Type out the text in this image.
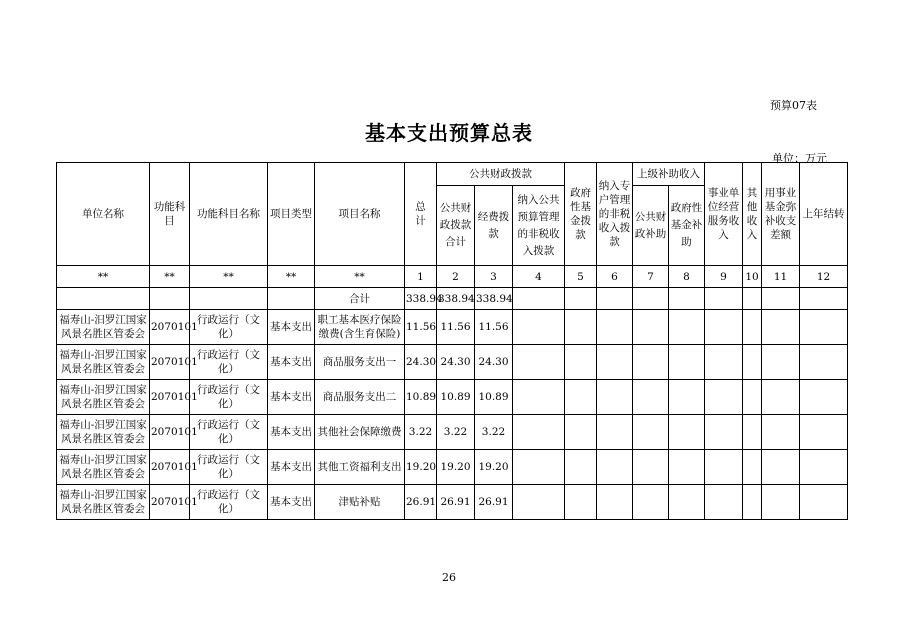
预算07表
基本支出预算总表
单位：万元
单位名称	功能科目	功能科目名称	项目类型	项目名称	总　计	公共财政拨款			政府性基金拨款	纳入专户管理的非税收入拨款	上级补助收入		事业单位经营服务收入	其他收入	用事业基金弥补收支差额	上年结转
						公共财政拨款合计	经费拨款	纳入公共预算管理的非税收入拨款			公共财政补助	政府性基金补助				
**	**	**	**	**	1	2	3	4	5	6	7	8	9	10	11	12
				合计	338.94	338.94	338.94									
福寿山-汨罗江国家风景名胜区管委会	2070101	行政运行（文化）	基本支出	职工基本医疗保险缴费(含生育保险)	11.56	11.56	11.56									
福寿山-汨罗江国家风景名胜区管委会	2070101	行政运行（文化）	基本支出	商品服务支出一	24.30	24.30	24.30									
福寿山-汨罗江国家风景名胜区管委会	2070101	行政运行（文化）	基本支出	商品服务支出二	10.89	10.89	10.89									
福寿山-汨罗江国家风景名胜区管委会	2070101	行政运行（文化）	基本支出	其他社会保障缴费	3.22	3.22	3.22									
福寿山-汨罗江国家风景名胜区管委会	2070101	行政运行（文化）	基本支出	其他工资福利支出	19.20	19.20	19.20									
福寿山-汨罗江国家风景名胜区管委会	2070101	行政运行（文化）	基本支出	津贴补贴	26.91	26.91	26.91									
26
